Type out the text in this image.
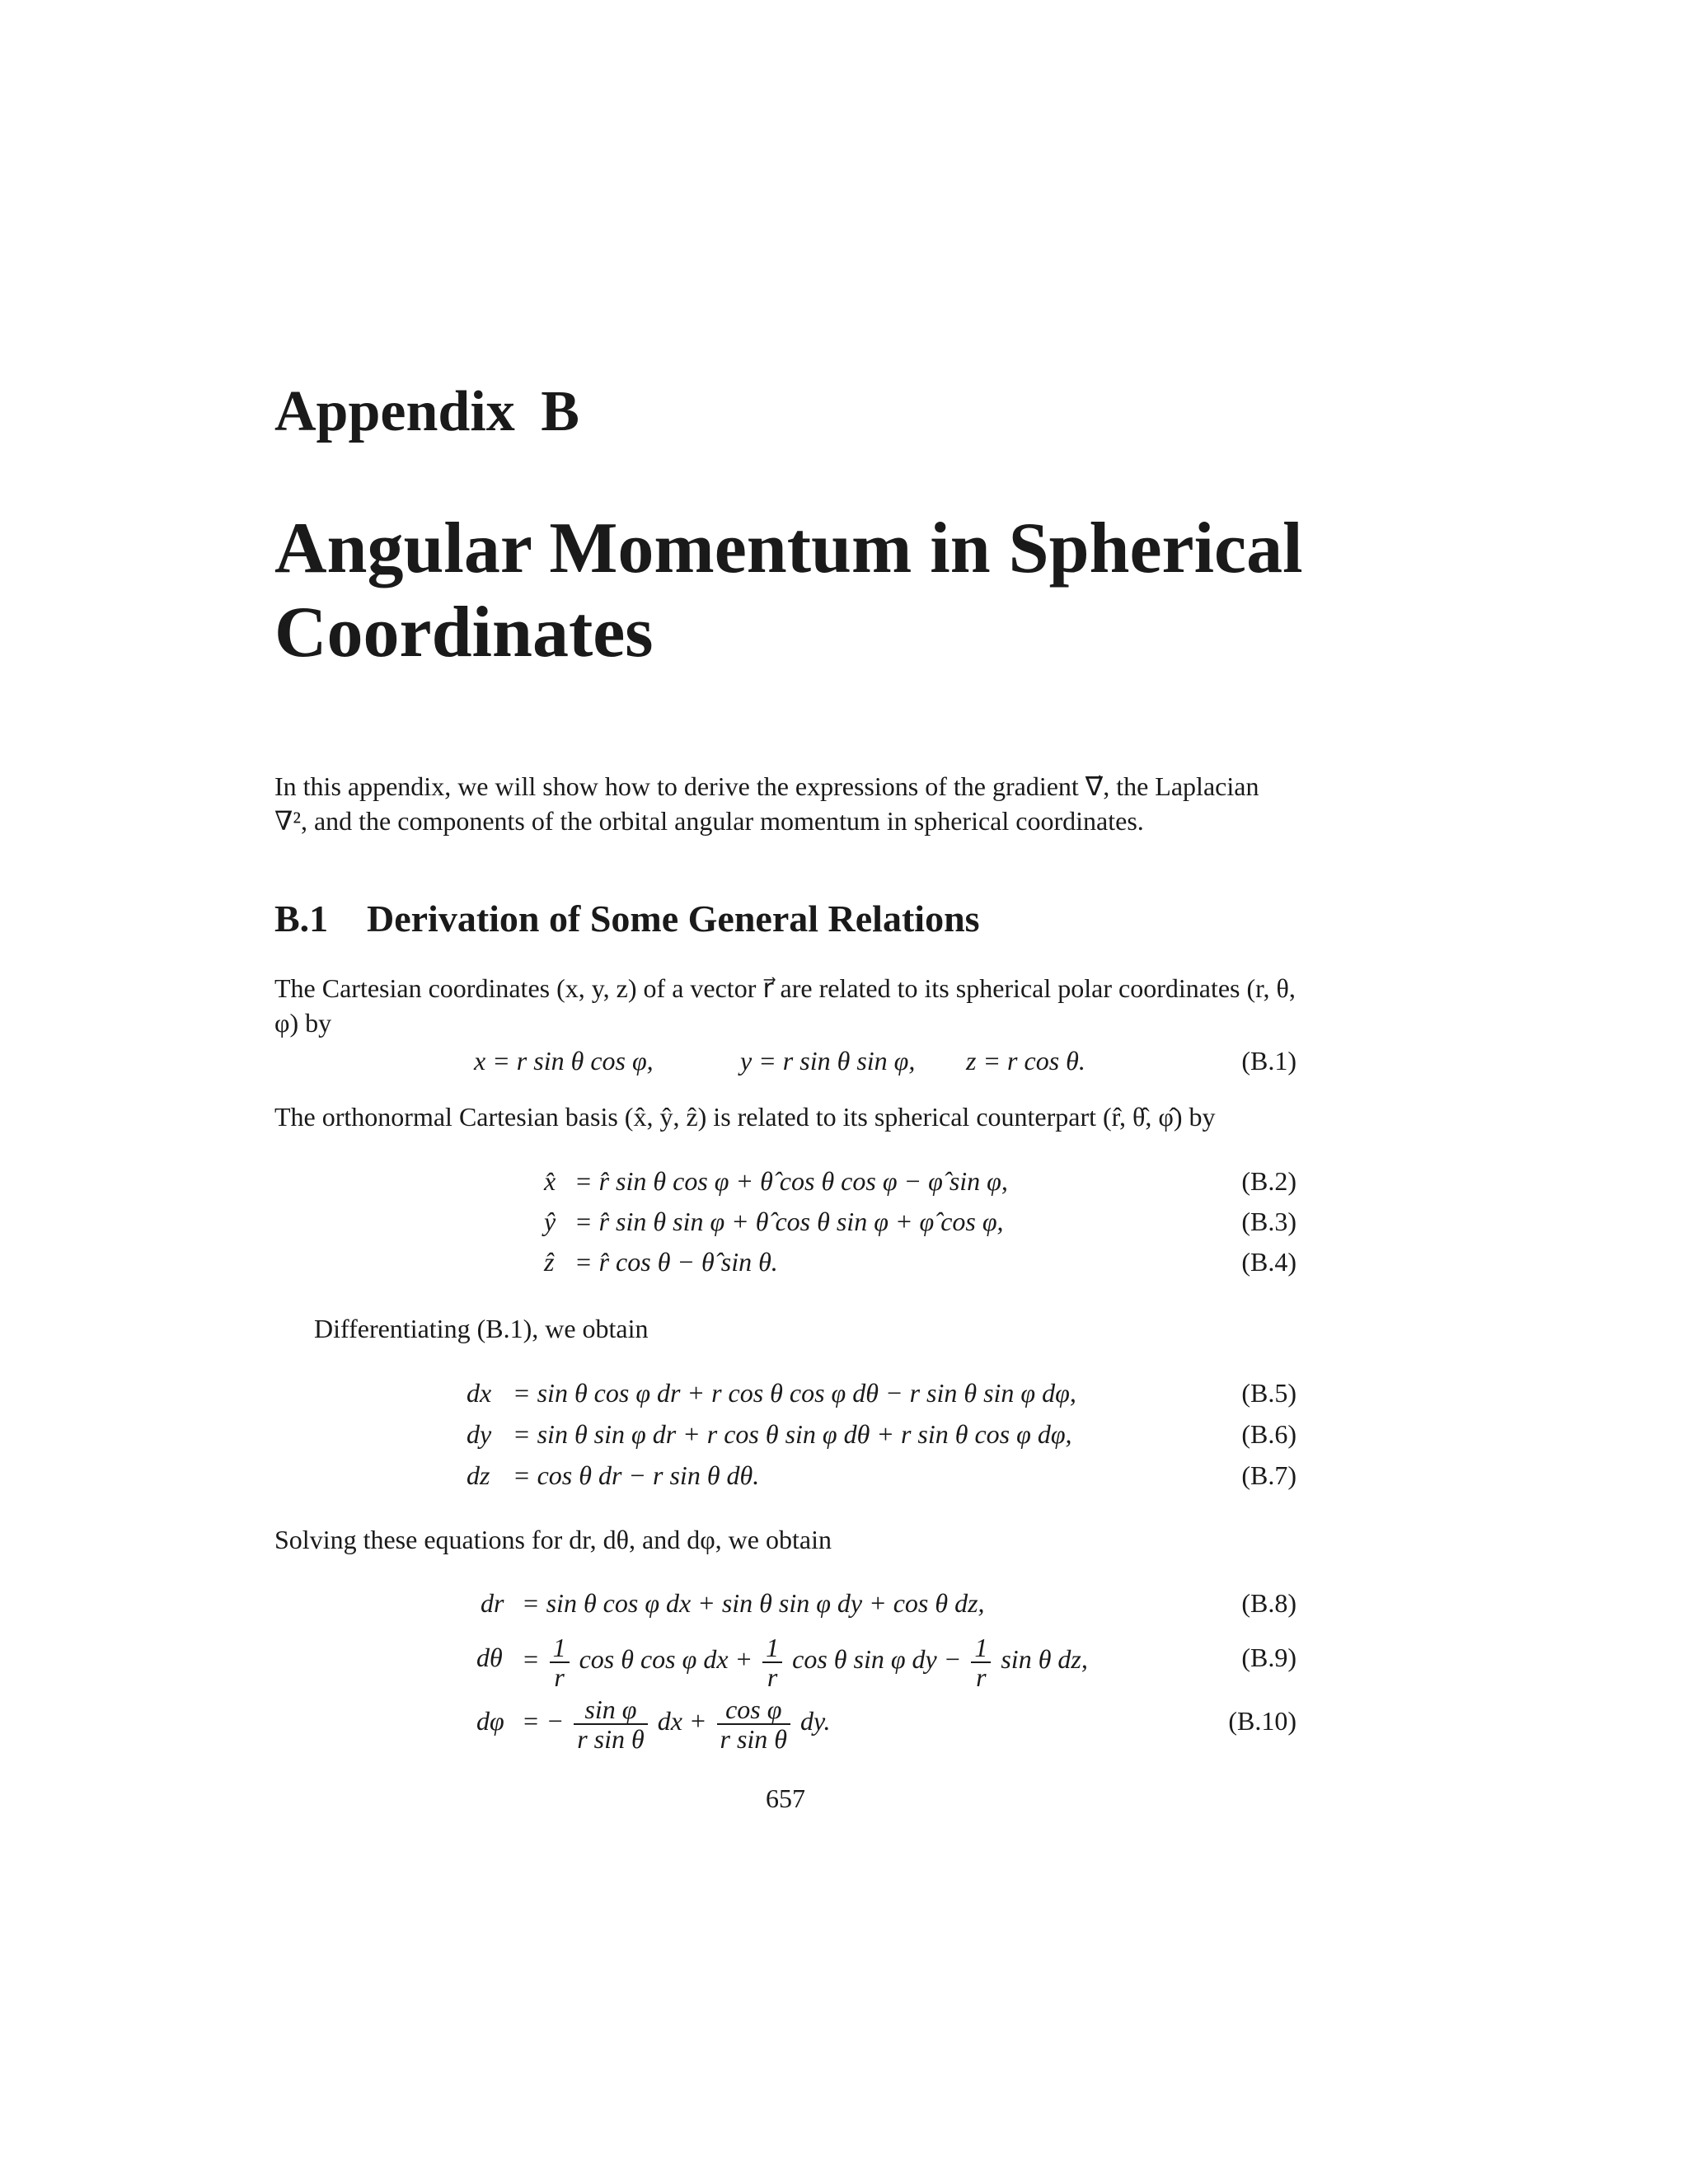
Appendix B
Angular Momentum in Spherical
Coordinates
In this appendix, we will show how to derive the expressions of the gradient ∇⃗, the Laplacian ∇², and the components of the orbital angular momentum in spherical coordinates.
B.1 Derivation of Some General Relations
The Cartesian coordinates (x, y, z) of a vector r⃗ are related to its spherical polar coordinates (r, θ, φ) by
x = r sin θ cos φ,	y = r sin θ sin φ, z = r cos θ.	(B.1)
The orthonormal Cartesian basis (x̂, ŷ, ẑ) is related to its spherical counterpart (r̂, θ̂, φ̂) by
x̂ = r̂ sin θ cos φ + θ̂ cos θ cos φ − φ̂ sin φ,	(B.2)
ŷ = r̂ sin θ sin φ + θ̂ cos θ sin φ + φ̂ cos φ,	(B.3)
ẑ = r̂ cos θ − θ̂ sin θ.	(B.4)
Differentiating (B.1), we obtain
dx = sin θ cos φ dr + r cos θ cos φ dθ − r sin θ sin φ dφ,	(B.5)
dy = sin θ sin φ dr + r cos θ sin φ dθ + r sin θ cos φ dφ,	(B.6)
dz = cos θ dr − r sin θ dθ.	(B.7)
Solving these equations for dr, dθ, and dφ, we obtain
dr = sin θ cos φ dx + sin θ sin φ dy + cos θ dz,	(B.8)
$d\theta = \frac{1}{r}$ cos θ cos φ dx + $\frac{1}{r}$ cos θ sin φ dy − $\frac{1}{r}$ sin θ dz,	(B.9)
dφ = − $\frac{\text{sin φ}}{\text{r sin θ}}$ dx + $\frac{\text{cos φ}}{\text{r sin θ}}$ dy.	(B.10)
657
